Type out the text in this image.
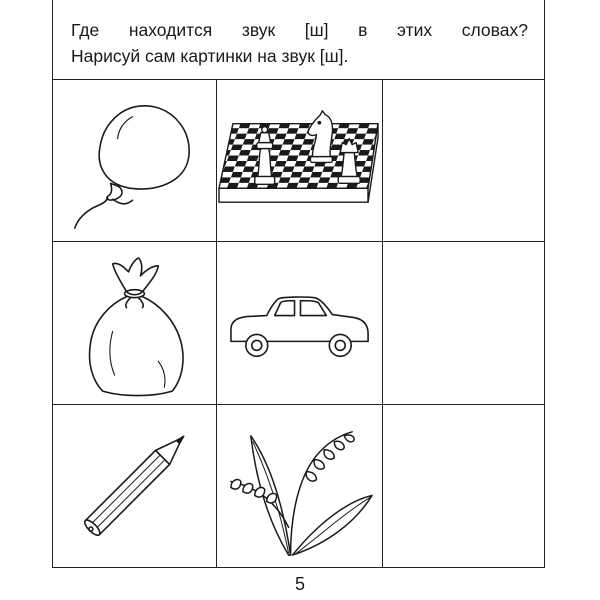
Где находится звук [ш] в этих словах?
Нарисуй сам картинки на звук [ш].
5
